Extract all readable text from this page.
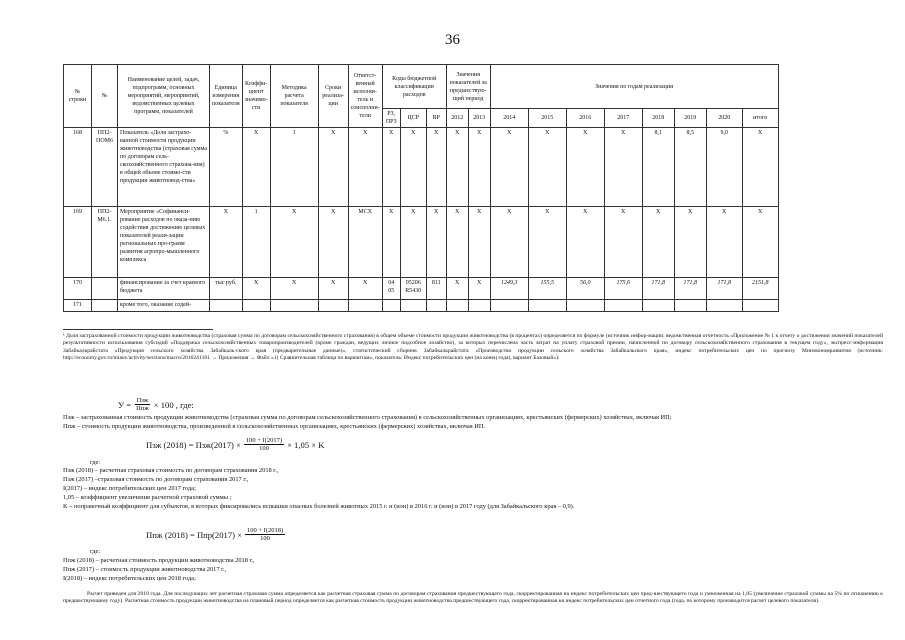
36
№ строки	№	Наименование целей, задач, подпрограмм, основных мероприятий, мероприятий, ведомственных целевых программ, показателей	Единица измерения показателя	Коэффи-циент значимо-сти	Методика расчета показателя	Сроки реализа-ции	Ответст-венный исполни-тель и соисполни-тели	Коды бюджетной классификации расходов			Значения показателей за предшествую-щий период		Значения по годам реализации							
								РЗ, ПРЗ	ЦСР	ВР	2012	2013	2014	2015	2016	2017	2018	2019	2020	итого
168	ПП2-ПОМ6	Показатель «Доля застрахо-ванной стоимости продукции животноводства (страховая сумма по договорам сель-скохозяйственного страхова-ния) в общей объеме стоимо-сти продукции животновод-ства»	%	X	1	X	X	X	X	X	X	X	X	X	X	X	8,1	8,5	9,0	X
169	ПП2-М6.1.	Мероприятие «Софинанси-рование расходов по оказа-нию содействия достижению целевых показателей реали-зации региональных про-грамм развития агропро-мышленного комплекса	X	1	X	X	МСХ	X	X	X	X	X	X	X	X	X	X	X	X	X
170		финансирование за счет краевого бюджета	тыс руб.	X	X	X	X	04 05	05206 R5430	811	X	X	1249,3	155,5	56,0	175,6	171,8	171,8	171,8	2151,8
171		кроме того, оказание содей-																		
¹ Доля застрахованной стоимости продукции животноводства (страховая сумма по договорам сельскохозяйственного страхования) в общем объеме стоимости продукции животноводства (в процентах) определяется по формуле (источник инфор-мации: ведомственная отчетность «Приложение № 1 к отчету о достижении значений показателей результативности использования субсидий «Поддержка сельскохозяйственных товаропроизводителей (кроме граждан, ведущих личное подсобное хозяйство), за которых перечислена часть затрат на уплату страховой премии, начисленной по договору сельскохозяйственного страхования в текущем году», экспресс-информация Забайкалкрайстата «Продукция сельского хозяйства Забайкаль-ского края (предварительные данные)», статистический сборник Забайкалкрайстата «Производство продукции сельского хозяйства Забайкальского края», индекс потребительских цен по прогнозу Минэкономразвития (источник: http://economy.gov.ru/minec/activity/sections/macro/2016241101 → Приложения → Файл «1) Сравнительная таблица по вариантам», показатель: Индекс потребительских цен (на конец года), вариант Базовый»):
$У = \frac{\text{Пзж}}{\text{Ппж}} \times 100$ , где:
Пзж – застрахованная стоимость продукции животноводства (страховая сумма по договорам сельскохозяйственного страхования) в сельскохозяйственных организациях, крестьянских (фермерских) хозяйствах, включая ИП;
Ппж – стоимость продукции животноводства, произведенной в сельскохозяйственных организациях, крестьянских (фермерских) хозяйствах, включая ИП.
Пзж $(2018) = Пзж(2017) \times \frac{100 + I(2017)}{100} \times 1,05 \times K$
где:
Пзж (2018) – расчетная страховая стоимость по договорам страхования 2018 г.,
Пзж (2017) –страховая стоимость по договорам страхования 2017 г.,
I(2017) – индекс потребительских цен 2017 года;
1,05 – коэффициент увеличения расчетной страховой суммы ;
K – поправочный коэффициент для субъектов, в которых фиксировались вспышки опасных болезней животных 2015 г. и (или) в 2016 г. и (или) в 2017 году (для Забайкальского края – 0,9).
Ппж $(2018) = Ппр(2017) \times \frac{100 + I(2018)}{100}$
где:
Ппж (2018) – расчетная стоимость продукции животноводства 2018 г.,
Ппж (2017) – стоимость продукции животноводства 2017 г.,
I(2018) – индекс потребительских цен 2018 года;
Расчет приведен для 2018 года. Для последующих лет расчетная страховая сумма определяется как расчетная страховая сумма по договорам страхования предшествующего года, скорректированная на индекс потребительских цен пред-шествующего года и умноженная на 1,05 (увеличение страховой суммы на 5% по отношению к предшествующему году). Расчетная стоимость продукции животноводства на плановый период определяется как расчетная стоимость продукции животноводства предшествующего года, скорректированная на индекс потребительских цен отчетного года (года, по которому производится расчет целевого показателя).
